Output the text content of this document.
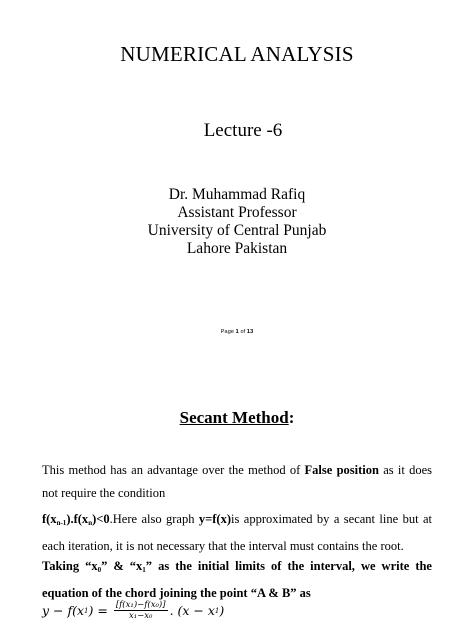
NUMERICAL ANALYSIS
Lecture -6
Dr. Muhammad Rafiq
Assistant Professor
University of Central Punjab
Lahore Pakistan
Page 1 of 13
Secant Method:
This method has an advantage over the method of False position as it does not require the condition
$f(x_{n-1}).f(x_n)<0.Here$ also graph y=f(x)is approximated by a secant line but at each iteration, it is not necessary that the interval must contains the root.
Taking “$x_0$” & “$x_1$” as the initial limits of the interval, we write the equation of the chord joining the point “A & B” as
y − f(x 1 ) = $\frac{\text{[f(x₁)−f(x₀)]}}{\text{x₁−x₀}}$ . (x − x 1 )
